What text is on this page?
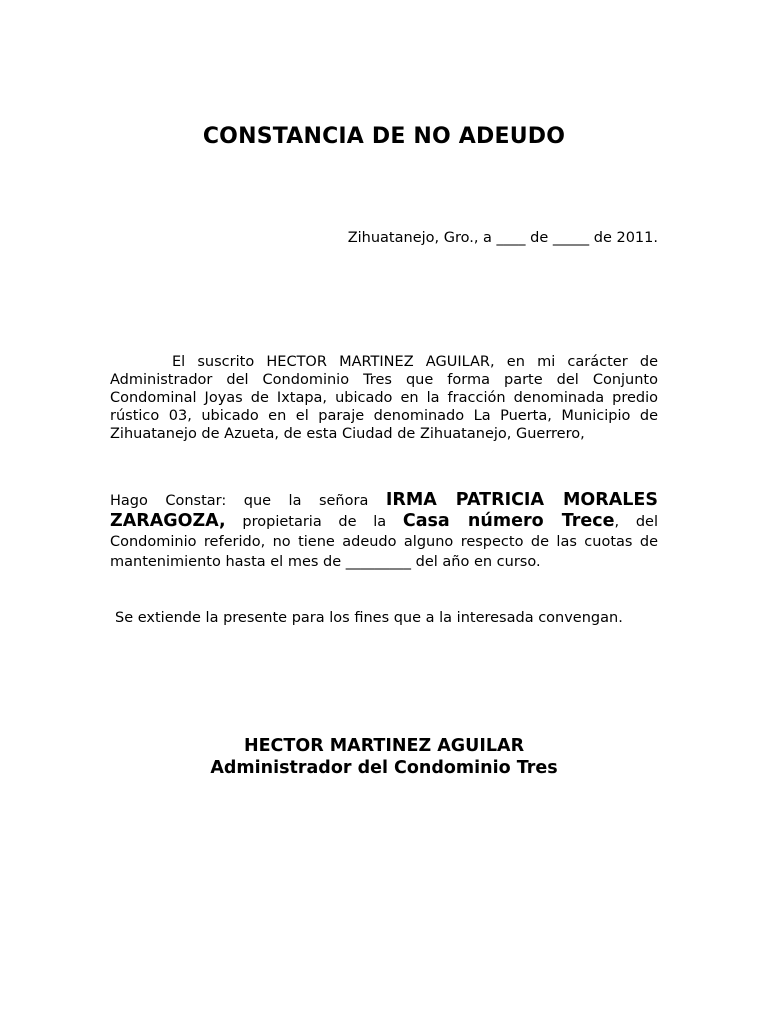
CONSTANCIA DE NO ADEUDO

Zihuatanejo, Gro., a ____ de _____ de 2011.

El suscrito HECTOR MARTINEZ AGUILAR, en mi carácter de Administrador del Condominio Tres que forma parte del Conjunto Condominal Joyas de Ixtapa, ubicado en la fracción denominada predio rústico 03, ubicado en el paraje denominado La Puerta, Municipio de Zihuatanejo de Azueta, de esta Ciudad de Zihuatanejo, Guerrero,

Hago Constar: que la señora IRMA PATRICIA MORALES ZARAGOZA, propietaria de la Casa número Trece, del Condominio referido, no tiene adeudo alguno respecto de las cuotas de mantenimiento hasta el mes de _________ del año en curso.

Se extiende la presente para los fines que a la interesada convengan.

HECTOR MARTINEZ AGUILAR
Administrador del Condominio Tres
